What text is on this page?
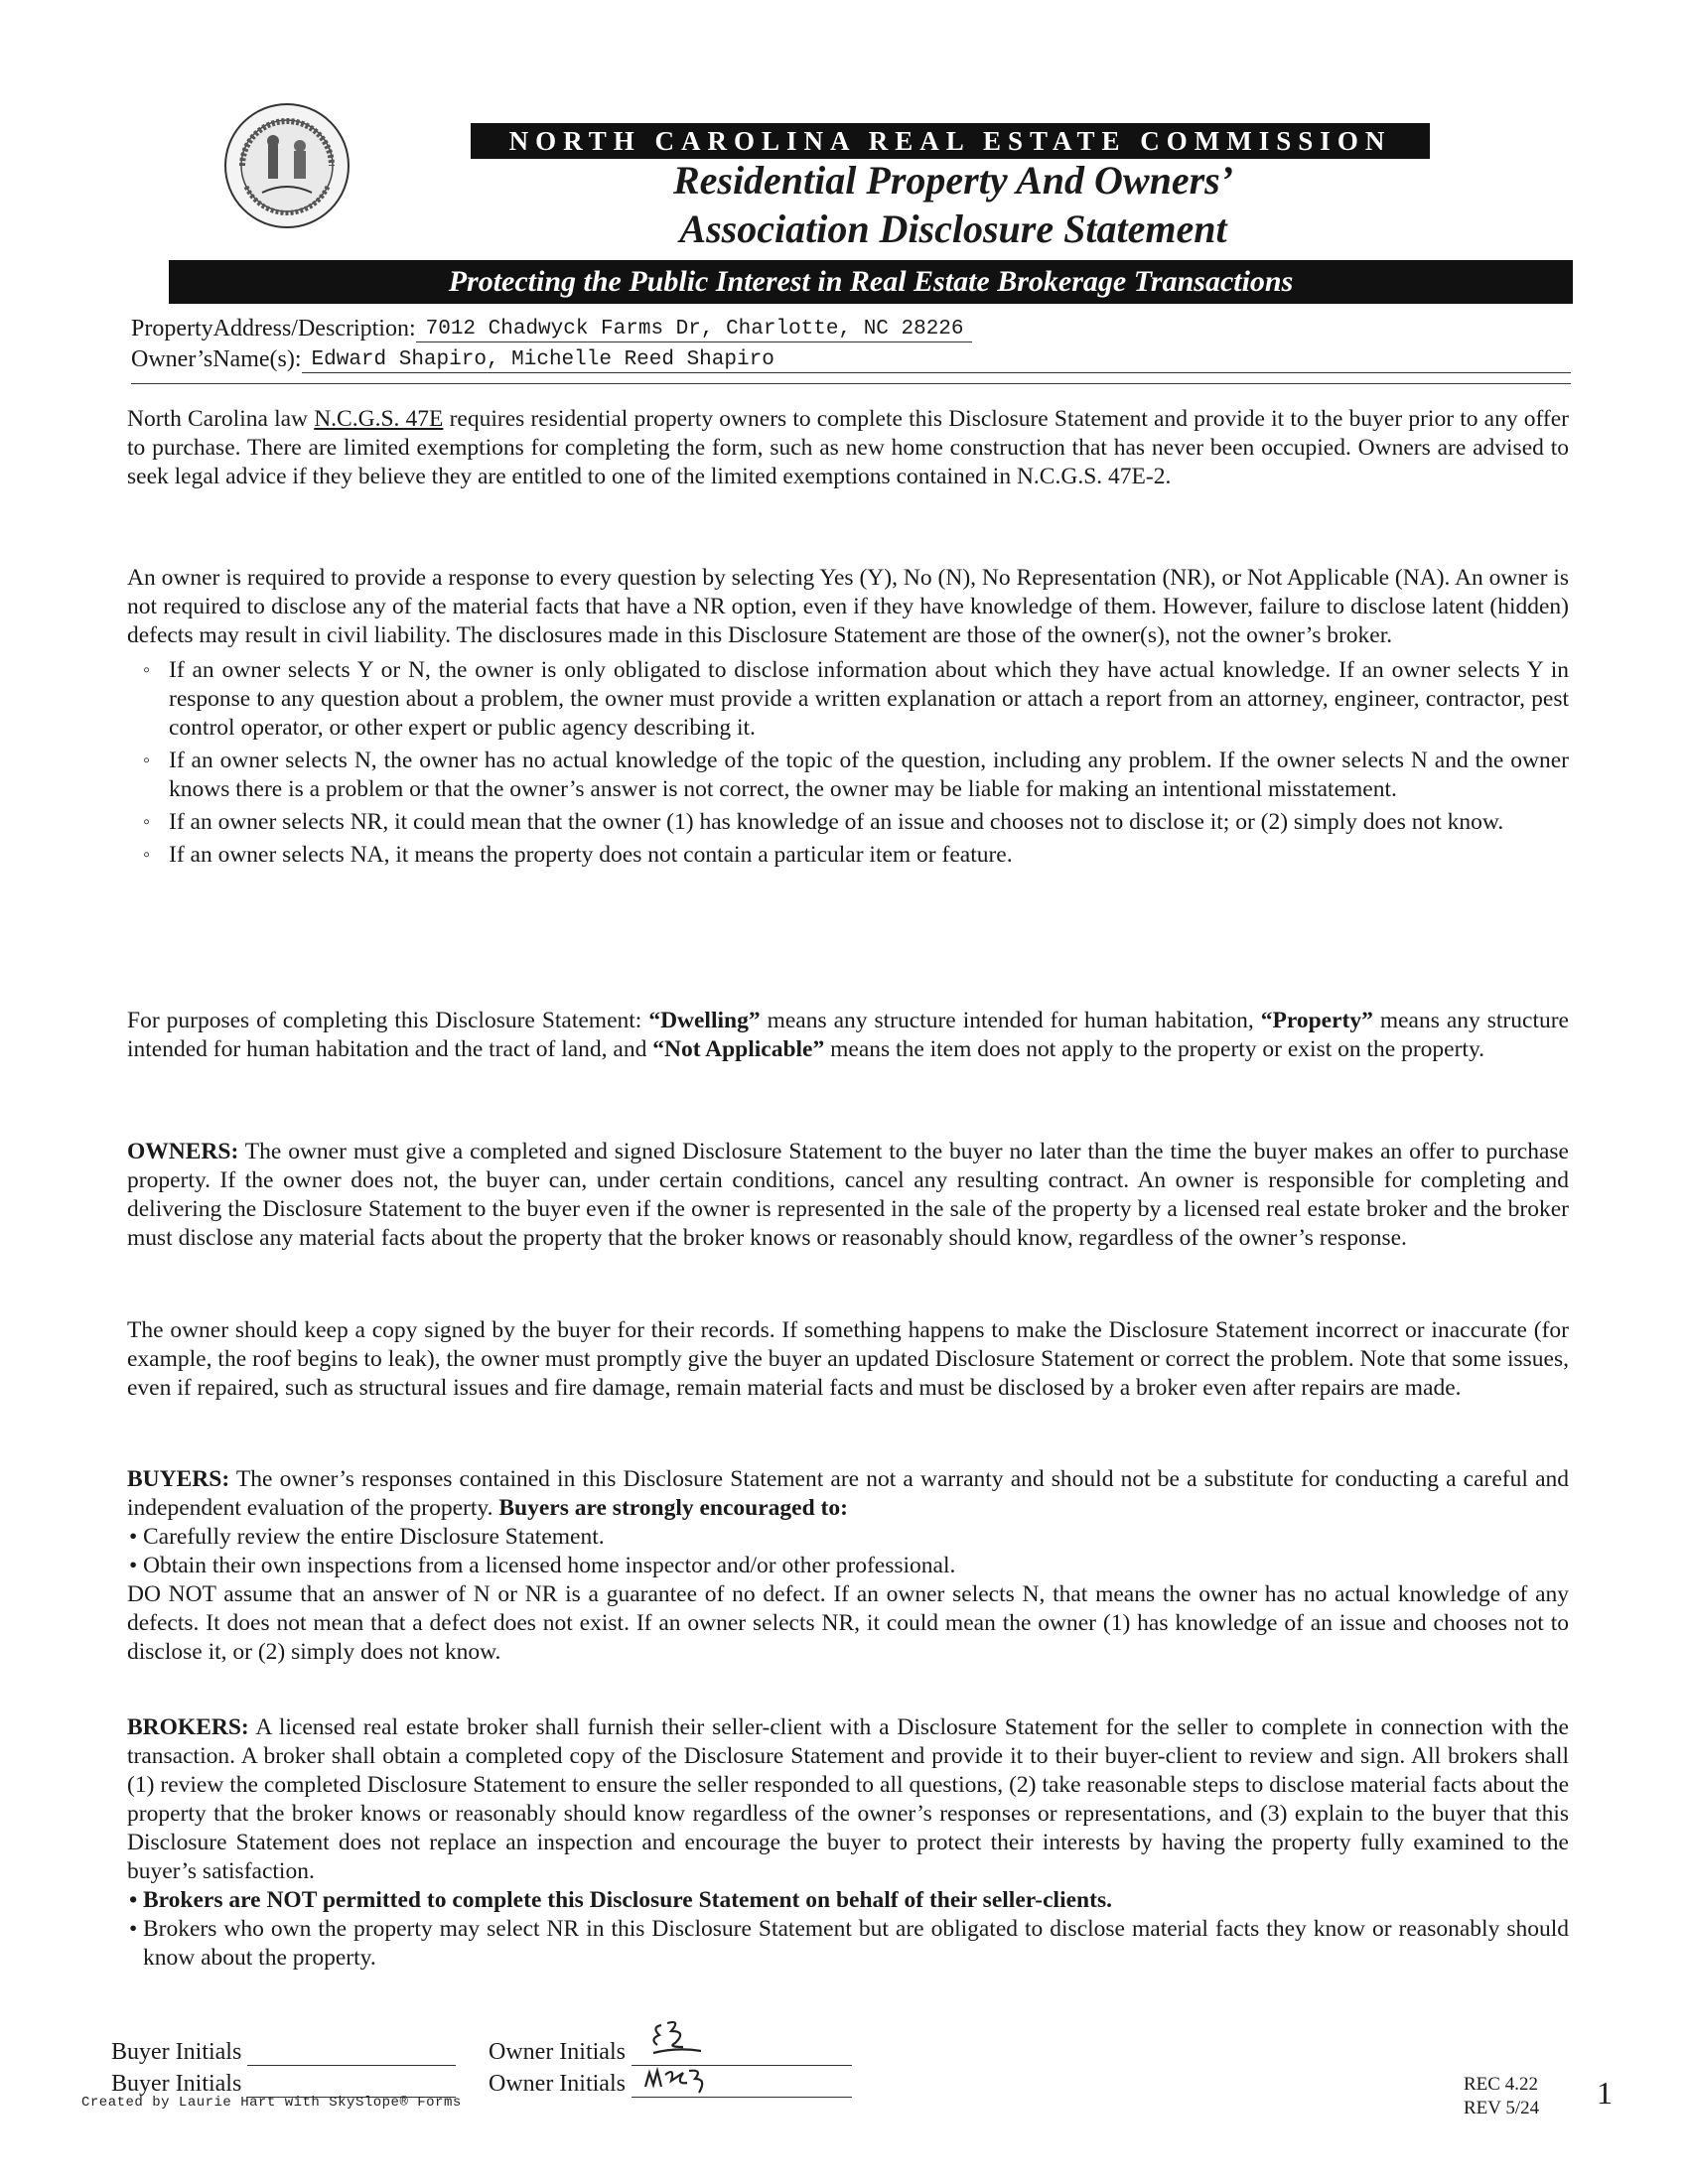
NORTH CAROLINA REAL ESTATE COMMISSION
Residential Property And Owners’
Association Disclosure Statement
Protecting the Public Interest in Real Estate Brokerage Transactions
PropertyAddress/Description: 7012 Chadwyck Farms Dr, Charlotte, NC 28226
Owner’sName(s): Edward Shapiro, Michelle Reed Shapiro

North Carolina law N.C.G.S. 47E requires residential property owners to complete this Disclosure Statement and provide it to the buyer prior to any offer to purchase. There are limited exemptions for completing the form, such as new home construction that has never been occupied. Owners are advised to seek legal advice if they believe they are entitled to one of the limited exemptions contained in N.C.G.S. 47E-2.

An owner is required to provide a response to every question by selecting Yes (Y), No (N), No Representation (NR), or Not Applicable (NA). An owner is not required to disclose any of the material facts that have a NR option, even if they have knowledge of them. However, failure to disclose latent (hidden) defects may result in civil liability. The disclosures made in this Disclosure Statement are those of the owner(s), not the owner’s broker.

◦ If an owner selects Y or N, the owner is only obligated to disclose information about which they have actual knowledge. If an owner selects Y in response to any question about a problem, the owner must provide a written explanation or attach a report from an attorney, engineer, contractor, pest control operator, or other expert or public agency describing it.
◦ If an owner selects N, the owner has no actual knowledge of the topic of the question, including any problem. If the owner selects N and the owner knows there is a problem or that the owner’s answer is not correct, the owner may be liable for making an intentional misstatement.
◦ If an owner selects NR, it could mean that the owner (1) has knowledge of an issue and chooses not to disclose it; or (2) simply does not know.
◦ If an owner selects NA, it means the property does not contain a particular item or feature.

For purposes of completing this Disclosure Statement: “Dwelling” means any structure intended for human habitation, “Property” means any structure intended for human habitation and the tract of land, and “Not Applicable” means the item does not apply to the property or exist on the property.

OWNERS: The owner must give a completed and signed Disclosure Statement to the buyer no later than the time the buyer makes an offer to purchase property. If the owner does not, the buyer can, under certain conditions, cancel any resulting contract. An owner is responsible for completing and delivering the Disclosure Statement to the buyer even if the owner is represented in the sale of the property by a licensed real estate broker and the broker must disclose any material facts about the property that the broker knows or reasonably should know, regardless of the owner’s response.

The owner should keep a copy signed by the buyer for their records. If something happens to make the Disclosure Statement incorrect or inaccurate (for example, the roof begins to leak), the owner must promptly give the buyer an updated Disclosure Statement or correct the problem. Note that some issues, even if repaired, such as structural issues and fire damage, remain material facts and must be disclosed by a broker even after repairs are made.

BUYERS: The owner’s responses contained in this Disclosure Statement are not a warranty and should not be a substitute for conducting a careful and independent evaluation of the property. Buyers are strongly encouraged to:

• Carefully review the entire Disclosure Statement.
• Obtain their own inspections from a licensed home inspector and/or other professional.

DO NOT assume that an answer of N or NR is a guarantee of no defect. If an owner selects N, that means the owner has no actual knowledge of any defects. It does not mean that a defect does not exist. If an owner selects NR, it could mean the owner (1) has knowledge of an issue and chooses not to disclose it, or (2) simply does not know.

BROKERS: A licensed real estate broker shall furnish their seller-client with a Disclosure Statement for the seller to complete in connection with the transaction. A broker shall obtain a completed copy of the Disclosure Statement and provide it to their buyer-client to review and sign. All brokers shall (1) review the completed Disclosure Statement to ensure the seller responded to all questions, (2) take reasonable steps to disclose material facts about the property that the broker knows or reasonably should know regardless of the owner’s responses or representations, and (3) explain to the buyer that this Disclosure Statement does not replace an inspection and encourage the buyer to protect their interests by having the property fully examined to the buyer’s satisfaction.

• Brokers are NOT permitted to complete this Disclosure Statement on behalf of their seller-clients.
• Brokers who own the property may select NR in this Disclosure Statement but are obligated to disclose material facts they know or reasonably should know about the property.
Buyer Initials
Buyer Initials
Owner Initials
Owner Initials
Created by Laurie Hart with SkySlope® Forms
REC 4.22
REV 5/24 1
